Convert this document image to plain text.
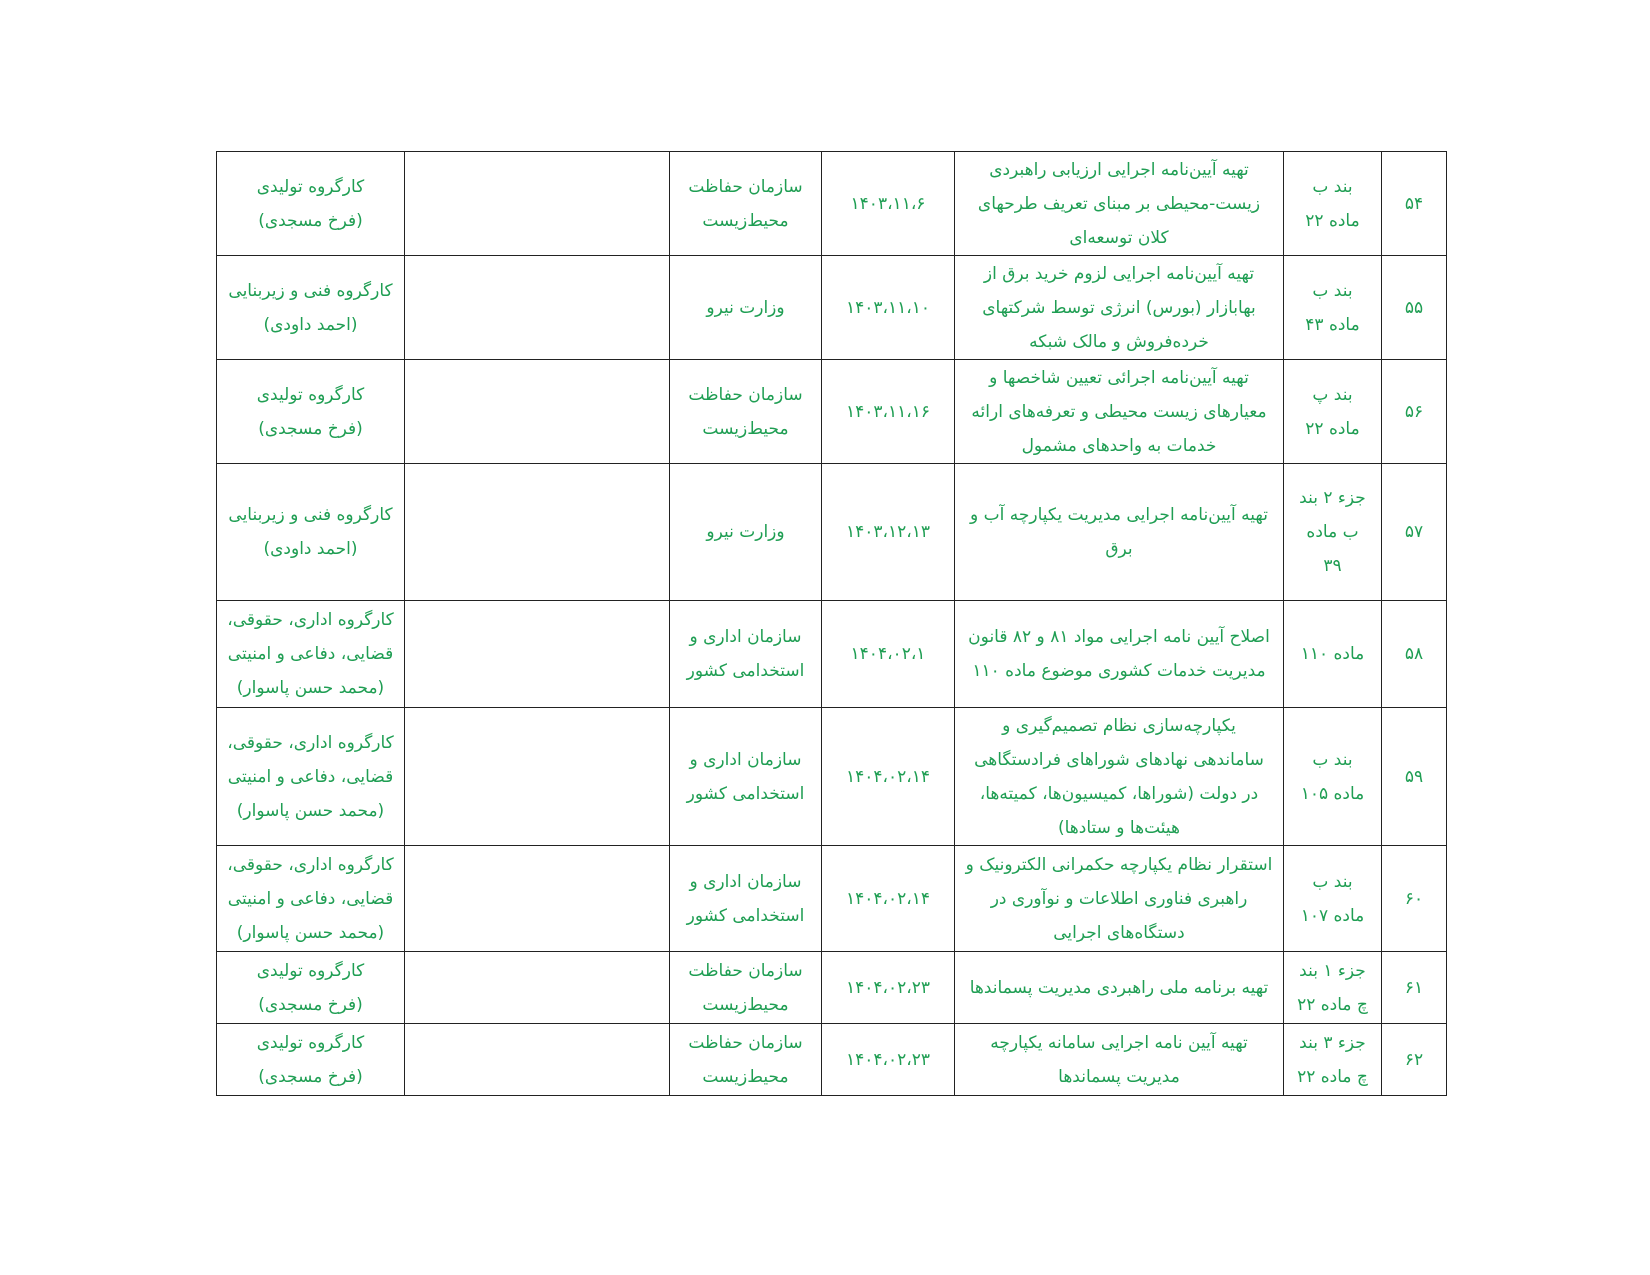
۵۴	بند ب
ماده ۲۲	تهیه آیین‌نامه اجرایی ارزیابی راهبردی زیست-محیطی بر مبنای تعریف طرحهای کلان توسعه‌ای	۱۴۰۳،۱۱،۶	سازمان حفاظت
محیط‌زیست		کارگروه تولیدی
(فرخ مسجدی)
۵۵	بند ب
ماده ۴۳	تهیه آیین‌نامه اجرایی لزوم خرید برق از بهابازار (بورس) انرژی توسط شرکتهای خرده‌فروش و مالک شبکه	۱۴۰۳،۱۱،۱۰	وزارت نیرو		کارگروه فنی و زیربنایی
(احمد داودی)
۵۶	بند پ
ماده ۲۲	تهیه آیین‌نامه اجرائی تعیین شاخصها و معیارهای زیست محیطی و تعرفه‌های ارائه خدمات به واحدهای مشمول	۱۴۰۳،۱۱،۱۶	سازمان حفاظت
محیط‌زیست		کارگروه تولیدی
(فرخ مسجدی)
۵۷	جزء ۲ بند
ب ماده
۳۹	تهیه آیین‌نامه اجرایی مدیریت یکپارچه آب و برق	۱۴۰۳،۱۲،۱۳	وزارت نیرو		کارگروه فنی و زیربنایی
(احمد داودی)
۵۸	ماده ۱۱۰	اصلاح آیین نامه اجرایی مواد ۸۱ و ۸۲ قانون مدیریت خدمات کشوری موضوع ماده ۱۱۰	۱۴۰۴،۰۲،۱	سازمان اداری و
استخدامی کشور		کارگروه اداری، حقوقی،
قضایی، دفاعی و امنیتی
(محمد حسن پاسوار)
۵۹	بند ب
ماده ۱۰۵	یکپارچه‌سازی نظام تصمیم‌گیری و ساماندهی نهادهای شوراهای فرادستگاهی در دولت (شوراها، کمیسیون‌ها، کمیته‌ها، هیئت‌ها و ستادها)	۱۴۰۴،۰۲،۱۴	سازمان اداری و
استخدامی کشور		کارگروه اداری، حقوقی،
قضایی، دفاعی و امنیتی
(محمد حسن پاسوار)
۶۰	بند ب
ماده ۱۰۷	استقرار نظام یکپارچه حکمرانی الکترونیک و راهبری فناوری اطلاعات و نوآوری در دستگاه‌های اجرایی	۱۴۰۴،۰۲،۱۴	سازمان اداری و
استخدامی کشور		کارگروه اداری، حقوقی،
قضایی، دفاعی و امنیتی
(محمد حسن پاسوار)
۶۱	جزء ۱ بند
چ ماده ۲۲	تهیه برنامه ملی راهبردی مدیریت پسماندها	۱۴۰۴،۰۲،۲۳	سازمان حفاظت
محیط‌زیست		کارگروه تولیدی
(فرخ مسجدی)
۶۲	جزء ۳ بند
چ ماده ۲۲	تهیه آیین نامه اجرایی سامانه یکپارچه مدیریت پسماندها	۱۴۰۴،۰۲،۲۳	سازمان حفاظت
محیط‌زیست		کارگروه تولیدی
(فرخ مسجدی)
